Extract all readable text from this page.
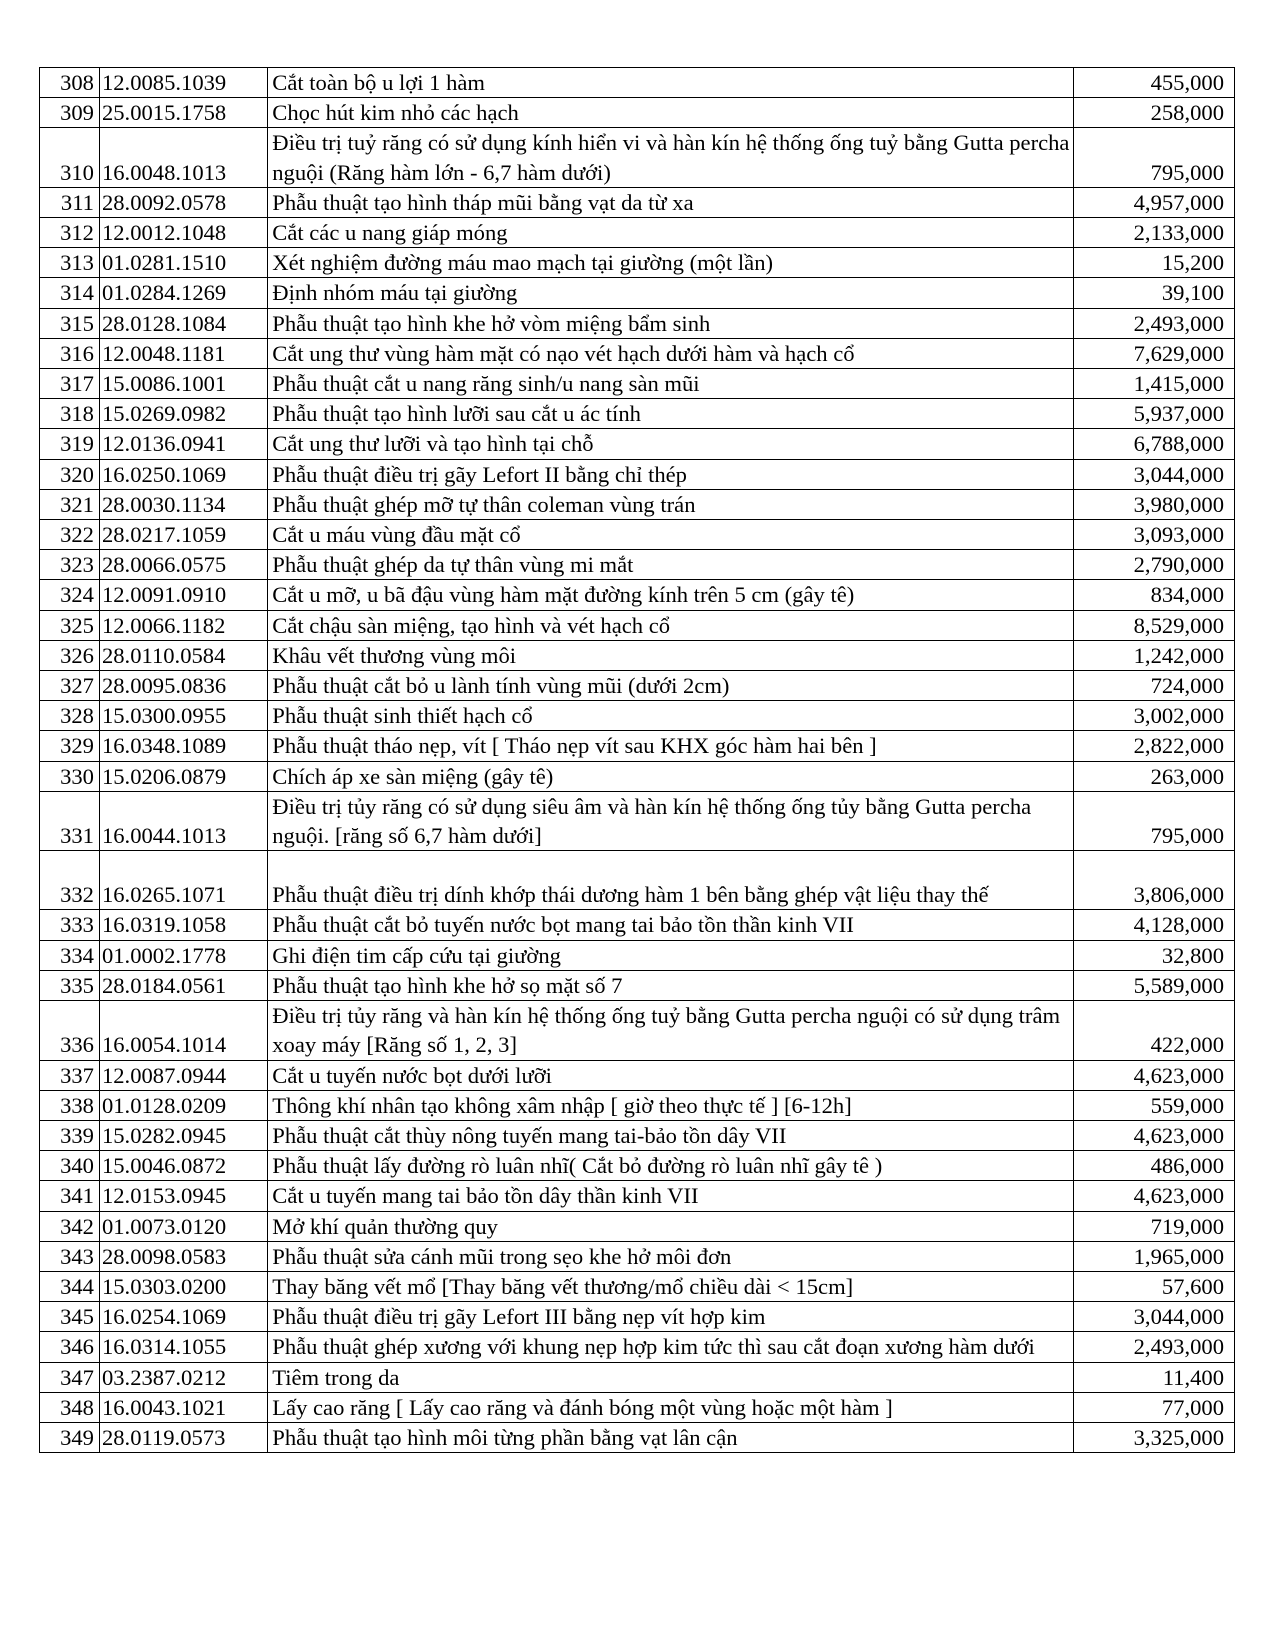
308	12.0085.1039	Cắt toàn bộ u lợi 1 hàm	455,000
309	25.0015.1758	Chọc hút kim nhỏ các hạch	258,000
310	16.0048.1013	Điều trị tuỷ răng có sử dụng kính hiển vi và hàn kín hệ thống ống tuỷ bằng Gutta percha nguội (Răng hàm lớn - 6,7 hàm dưới)	795,000
311	28.0092.0578	Phẫu thuật tạo hình tháp mũi bằng vạt da từ xa	4,957,000
312	12.0012.1048	Cắt các u nang giáp móng	2,133,000
313	01.0281.1510	Xét nghiệm đường máu mao mạch tại giường (một lần)	15,200
314	01.0284.1269	Định nhóm máu tại giường	39,100
315	28.0128.1084	Phẫu thuật tạo hình khe hở vòm miệng bẩm sinh	2,493,000
316	12.0048.1181	Cắt ung thư vùng hàm mặt có nạo vét hạch dưới hàm và hạch cổ	7,629,000
317	15.0086.1001	Phẫu thuật cắt u nang răng sinh/u nang sàn mũi	1,415,000
318	15.0269.0982	Phẫu thuật tạo hình lưỡi sau cắt u ác tính	5,937,000
319	12.0136.0941	Cắt ung thư lưỡi và tạo hình tại chỗ	6,788,000
320	16.0250.1069	Phẫu thuật điều trị gãy Lefort II bằng chỉ thép	3,044,000
321	28.0030.1134	Phẫu thuật ghép mỡ tự thân coleman vùng trán	3,980,000
322	28.0217.1059	Cắt u máu vùng đầu mặt cổ	3,093,000
323	28.0066.0575	Phẫu thuật ghép da tự thân vùng mi mắt	2,790,000
324	12.0091.0910	Cắt u mỡ, u bã đậu vùng hàm mặt đường kính trên 5 cm (gây tê)	834,000
325	12.0066.1182	Cắt chậu sàn miệng, tạo hình và vét hạch cổ	8,529,000
326	28.0110.0584	Khâu vết thương vùng môi	1,242,000
327	28.0095.0836	Phẫu thuật cắt bỏ u lành tính vùng mũi (dưới 2cm)	724,000
328	15.0300.0955	Phẫu thuật sinh thiết hạch cổ	3,002,000
329	16.0348.1089	Phẫu thuật tháo nẹp, vít [ Tháo nẹp vít sau KHX góc hàm hai bên ]	2,822,000
330	15.0206.0879	Chích áp xe sàn miệng (gây tê)	263,000
331	16.0044.1013	Điều trị tủy răng có sử dụng siêu âm và hàn kín hệ thống ống tủy bằng Gutta percha nguội. [răng số 6,7 hàm dưới]	795,000
332	16.0265.1071	Phẫu thuật điều trị dính khớp thái dương hàm 1 bên bằng ghép vật liệu thay thế	3,806,000
333	16.0319.1058	Phẫu thuật cắt bỏ tuyến nước bọt mang tai bảo tồn thần kinh VII	4,128,000
334	01.0002.1778	Ghi điện tim cấp cứu tại giường	32,800
335	28.0184.0561	Phẫu thuật tạo hình khe hở sọ mặt số 7	5,589,000
336	16.0054.1014	Điều trị tủy răng và hàn kín hệ thống ống tuỷ bằng Gutta percha nguội có sử dụng trâm xoay máy [Răng số 1, 2, 3]	422,000
337	12.0087.0944	Cắt u tuyến nước bọt dưới lưỡi	4,623,000
338	01.0128.0209	Thông khí nhân tạo không xâm nhập [ giờ theo thực tế ] [6-12h]	559,000
339	15.0282.0945	Phẫu thuật cắt thùy nông tuyến mang tai-bảo tồn dây VII	4,623,000
340	15.0046.0872	Phẫu thuật lấy đường rò luân nhĩ( Cắt bỏ đường rò luân nhĩ gây tê )	486,000
341	12.0153.0945	Cắt u tuyến mang tai bảo tồn dây thần kinh VII	4,623,000
342	01.0073.0120	Mở khí quản thường quy	719,000
343	28.0098.0583	Phẫu thuật sửa cánh mũi trong sẹo khe hở môi đơn	1,965,000
344	15.0303.0200	Thay băng vết mổ [Thay băng vết thương/mổ chiều dài < 15cm]	57,600
345	16.0254.1069	Phẫu thuật điều trị gãy Lefort III bằng nẹp vít hợp kim	3,044,000
346	16.0314.1055	Phẫu thuật ghép xương với khung nẹp hợp kim tức thì sau cắt đoạn xương hàm dưới	2,493,000
347	03.2387.0212	Tiêm trong da	11,400
348	16.0043.1021	Lấy cao răng [ Lấy cao răng và đánh bóng một vùng hoặc một hàm ]	77,000
349	28.0119.0573	Phẫu thuật tạo hình môi từng phần bằng vạt lân cận	3,325,000
